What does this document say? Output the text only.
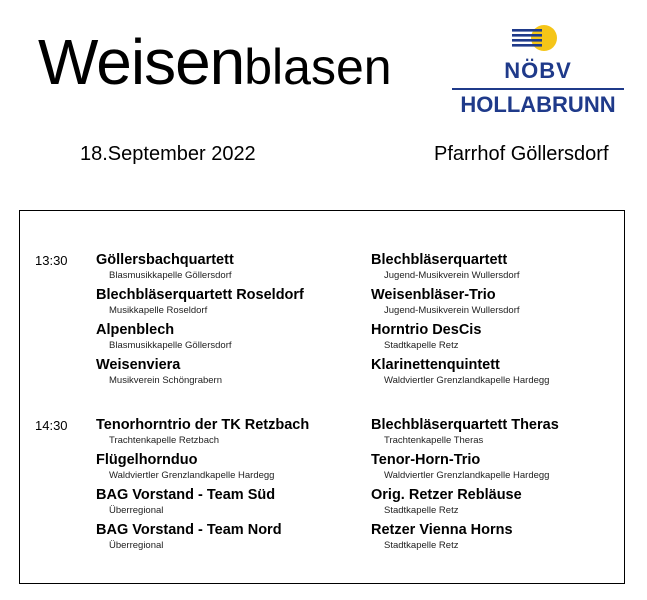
Weisenblasen	NÖBV
HOLLABRUNN
18.September 2022	Pfarrhof Göllersdorf
13:30 Göllersbachquartett
Blasmusikkapelle Göllersdorf
Blechbläserquartett Roseldorf
Musikkapelle Roseldorf
Alpenblech
Blasmusikkapelle Göllersdorf
Weisenviera
Musikverein Schöngrabern
Blechbläserquartett
Jugend-Musikverein Wullersdorf
Weisenbläser-Trio
Jugend-Musikverein Wullersdorf
Horntrio DesCis
Stadtkapelle Retz
Klarinettenquintett
Waldviertler Grenzlandkapelle Hardegg
14:30 Tenorhorntrio der TK Retzbach
Trachtenkapelle Retzbach
Flügelhornduo
Waldviertler Grenzlandkapelle Hardegg
BAG Vorstand - Team Süd
Überregional
BAG Vorstand - Team Nord
Überregional
Blechbläserquartett Theras
Trachtenkapelle Theras
Tenor-Horn-Trio
Waldviertler Grenzlandkapelle Hardegg
Orig. Retzer Rebläuse
Stadtkapelle Retz
Retzer Vienna Horns
Stadtkapelle Retz
